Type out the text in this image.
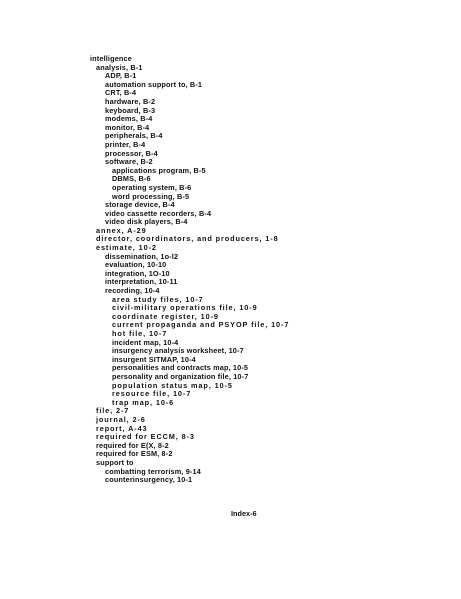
intelligence
analysis, B-1
ADP, B-1
automation support to, B-1
CRT, B-4
hardware, B-2
keyboard, B-3
modems, B-4
monitor, B-4
peripherals, B-4
printer, B-4
processor, B-4
software, B-2
applications program, B-5
DBMS, B-6
operating system, B-6
word processing, B-5
storage device, B-4
video cassette recorders, B-4
video disk players, B-4
annex, A-29
director, coordinators, and producers, 1-8
estimate, 10-2
dissemination, 1o-l2
evaluation, 10-10
integration, 1O-10
interpretation, 10-11
recording, 10-4
area study files, 10-7
civil-military operations file, 10-9
coordinate register, 10-9
current propaganda and PSYOP file, 10-7
hot file, 10-7
incident map, 10-4
insurgency analysis worksheet, 10-7
insurgent SITMAP, 10-4
personalities and contracts map, 10-5
personality and organization file, 10-7
population status map, 10-5
resource file, 10-7
trap map, 10-6
file, 2-7
journal, 2-6
report, A-43
required for ECCM, 8-3
required for E(X, 8-2
required for ESM, 8-2
support to
combatting terrorism, 9-14
counterinsurgency, 10-1
Index-6
